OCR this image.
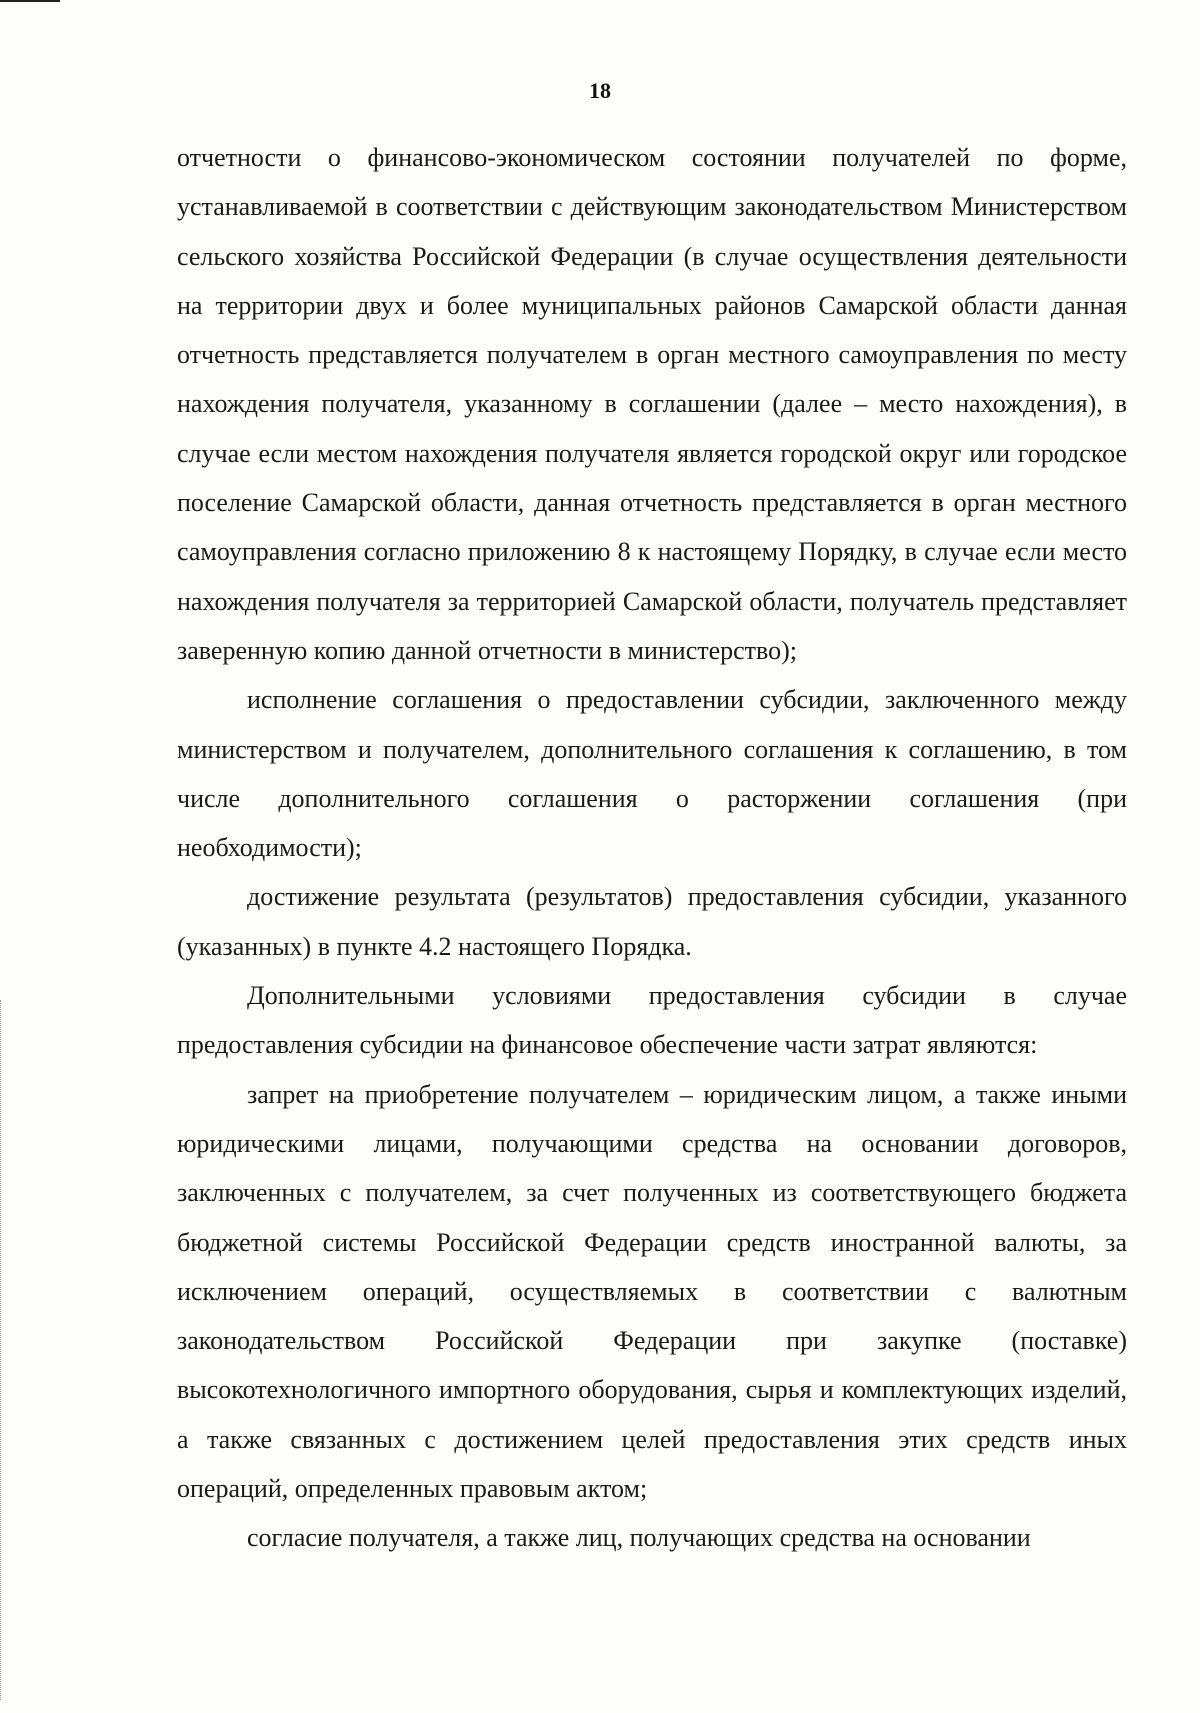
18

отчетности о финансово-экономическом состоянии получателей по форме, устанавливаемой в соответствии с действующим законодательством Министерством сельского хозяйства Российской Федерации (в случае осуществления деятельности на территории двух и более муниципальных районов Самарской области данная отчетность представляется получателем в орган местного самоуправления по месту нахождения получателя, указанному в соглашении (далее – место нахождения), в случае если местом нахождения получателя является городской округ или городское поселение Самарской области, данная отчетность представляется в орган местного самоуправления согласно приложению 8 к настоящему Порядку, в случае если место нахождения получателя за территорией Самарской области, получатель представляет заверенную копию данной отчетности в министерство);

исполнение соглашения о предоставлении субсидии, заключенного между министерством и получателем, дополнительного соглашения к соглашению, в том числе дополнительного соглашения о расторжении соглашения (при необходимости);

достижение результата (результатов) предоставления субсидии, указанного (указанных) в пункте 4.2 настоящего Порядка.

Дополнительными условиями предоставления субсидии в случае предоставления субсидии на финансовое обеспечение части затрат являются:

запрет на приобретение получателем – юридическим лицом, а также иными юридическими лицами, получающими средства на основании договоров, заключенных с получателем, за счет полученных из соответствующего бюджета бюджетной системы Российской Федерации средств иностранной валюты, за исключением операций, осуществляемых в соответствии с валютным законодательством Российской Федерации при закупке (поставке) высокотехнологичного импортного оборудования, сырья и комплектующих изделий, а также связанных с достижением целей предоставления этих средств иных операций, определенных правовым актом;

согласие получателя, а также лиц, получающих средства на основании
